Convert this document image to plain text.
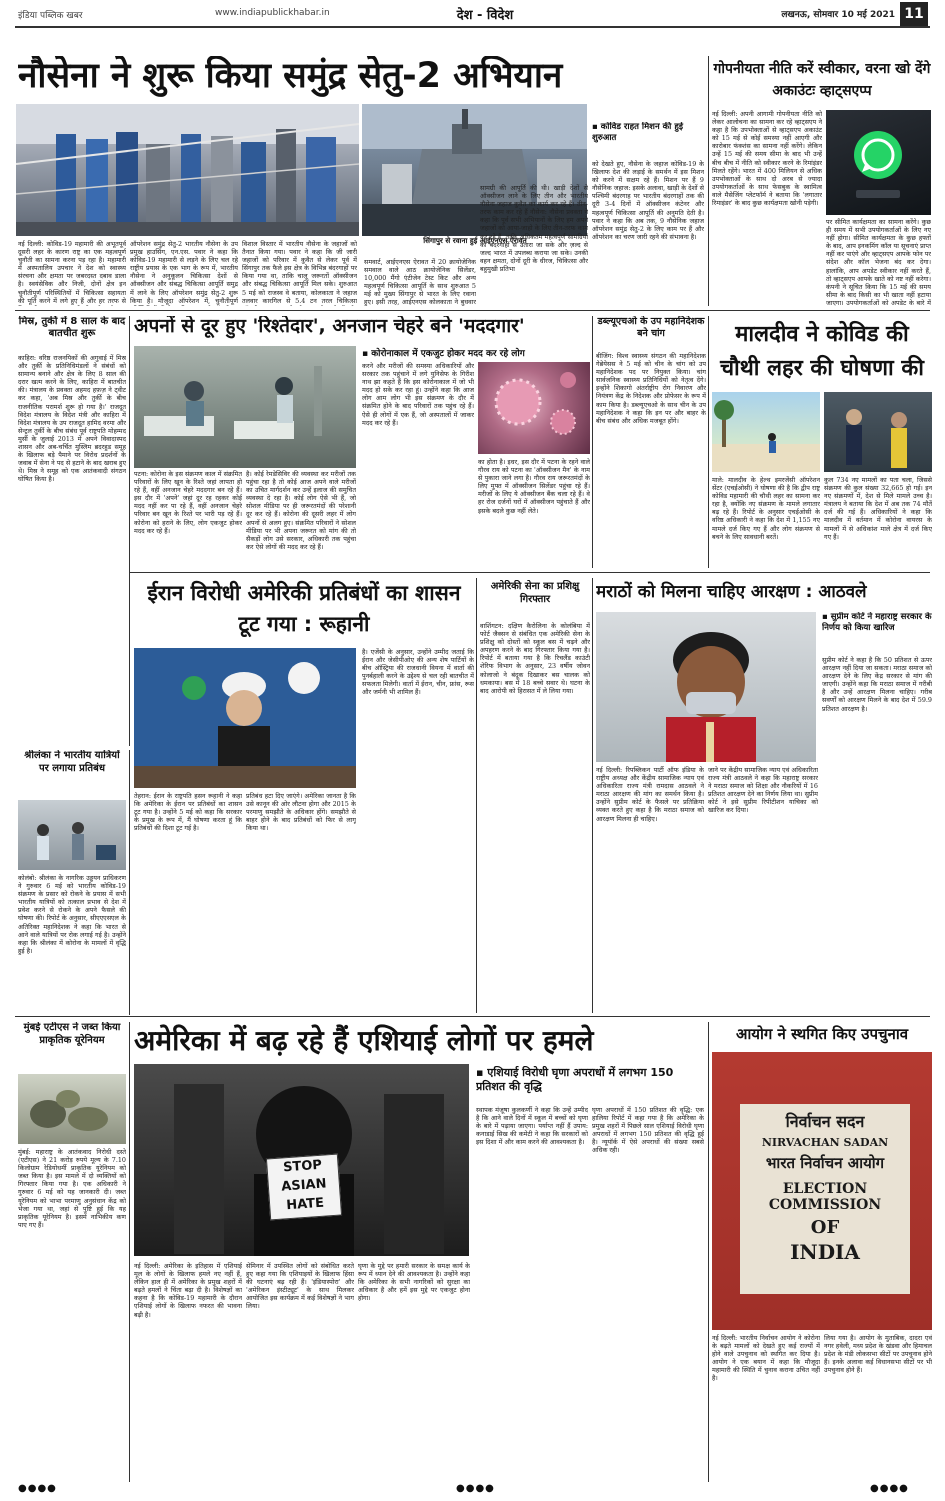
इंडिया पब्लिक खबर	www.indiapublickhabar.in	देश - विदेश	लखनऊ, सोमवार 10 मई 2021 11
नौसेना ने शुरू किया समुंद्र सेतु-2 अभियान
सिंगापुर से रवाना हुई आईएनएस ऐरावत
▪ कोविड राहत मिशन की हुई शुरुआत
नई दिल्ली: कोविड-19 महामारी की अभूतपूर्व दूसरी लहर के कारण राष्ट्र का एक महत्वपूर्ण चुनौती का सामना करना पड़ रहा है। महामारी में अस्पतालिय उपचार ने देश को स्वास्थ्य संरचना और क्षमता पर जबरदस्त दबाव डाला है। स्वयंसेविक और निजी, दोनों क्षेत्र इन चुनौतीपूर्ण परिस्थितियों में चिकित्सा सहायता की पूर्ति करने में लगे हुए हैं और हर तरफ से
ऑपरेशन समुंद्र सेतु-2 भारतीय नौसेना के उप प्रमुख हाउसिंग, एन.एस. पवार ने कहा कि कोविड-19 महामारी से लड़ने के लिए चल रहे राष्ट्रीय प्रयास के एक भाग के रूप में, भारतीय नौसेना ने अनुकूलन चिकित्सा देशों से ऑक्सीजन और संबद्ध चिकित्सा आपूर्ति समुद्र में लाने के लिए ऑपरेशन समुंद्र सेतु-2 शुरू किया है। मौजूदा ऑपरेशन में, चुनौतीपूर्ण
विशाल विस्तार में भारतीय नौसेना के जहाजों को तैनात किया गया। पवार ने कहा कि जी जारी जहाजों को परिवार में कुवैत से लेकर पूर्व में सिंगापुर तक फैले इस क्षेत्र के विभिन्न बंदरगाहों पर किया गया था, ताकि चालू जरूरतों ऑक्सीजन और संबद्ध चिकित्सा आपूर्ति मिल सके। शुरुआत 5 मई को राजस्व वे बताया, कोलकाता ने जहाज तलवार कारगिल से 5.4 टन तरल चिकित्सा
समवार्ट, आईएनएस ऐरावत में 20 क्रायोजेनिक समवाल वाले आठ क्रायोजेनिक सिलेंडर, 10,000 मैंगो एंटीजेन टेस्ट किट और अन्य महत्वपूर्ण चिकित्सा आपूर्ति के साथ शुरुआत 5 मई को मुख्य सिंगापुर से भारत के लिए रवाना हुए। इसी तरह, आईएनएस कोलकाता ने बुधवार
सामग्री की आपूर्ति की थी। खाड़ी देशों से ऑक्सीजन लाने के लिए तीन और भारतीय नौसेना जहाज कुवैत का कार्य कर रहे हैं। तीन-तरफ काम कर रहे हैं नौसेना: नौसेना प्रवक्ता ने कहा कि पूर्व सभी अभियानों के लिए हम अपने जहाजों को आया-जाहो के लिए तीन-तरफ काम कर रहे हैं, ताकि अधिकतम महत्वपूर्ण सामग्रियों को बंदरगाहों से उतारा जा सके और ज़ल्द से जल्द भारत में उपलब्ध कराया जा सके। उनकी वहन क्षमता, दोनों दूरी के धीरज, चिकित्सा और बहुमुखी प्रतिभा
को देखते हुए, नौसेना के जहाज कोविड-19 के खिलाफ देश की लड़ाई के समर्थन में इस मिशन को करने में सक्षम रहे हैं। मिशन पर हैं 9 नौसेनिक जहाज: इसके अलावा, खाड़ी के देशों से पश्चिमी बंदरगाह पर भारतीय बंदरगाहों तक की दूरी 3-4 दिनों में ऑक्सीजन कंटेनर और महत्वपूर्ण चिकित्सा आपूर्ति की अनुमति देती है। पवार ने कहा कि अब तक, 9 नौसेनिक जहाज ऑपरेशन समुंद्र सेतु-2 के लिए काम पर हैं और ऑपरेशन का चरण जारी रहने की संभावना है।
गोपनीयता नीति करें स्वीकार, वरना खो देंगे अकाउंटः व्हाट्सएप्प
नई दिल्ली: अपनी आगामी गोपनीयता नीति को लेकर आलोचना का सामना कर रहे व्हाट्सएप ने कहा है कि उपभोक्ताओं से व्हाट्सएप अकाउंट को 15 मई से कोई समस्या नहीं आएगी और कारोबार फंक्शंस का सामना नहीं करेंगे। लेकिन उन्हें 15 मई की समय सीमा के बाद भी उन्हें बीच बीच में नीति को स्वीकार करने के रिमांइंडर मिलते रहेंगे। भारत में 400 मिलियन से अधिक उपभोक्ताओं के साथ दो अरब से ज्यादा उपयोगकर्ताओं के साथ फेसबुक के स्वामित्व वाले मैसेजिंग प्लेटफॉर्म ने बताया कि 'लगातार रिमाइंडर' के बाद कुछ कार्यक्षमता खोनी पड़ेगी।
पर सीमित कार्यक्षमता का सामना करेंगे। कुछ ही समय में सभी उपयोगकर्ताओं के लिए नए नहीं होगा। सीमित कार्यक्षमता के कुछ हफ्तों के बाद, आप इनकमिंग कॉल या सूचनाएं प्राप्त नहीं कर पाएंगे और व्हाट्सएप आपके फोन पर संदेश और कॉल भेजना बंद कर देगा। हालांकि, आप अपडेट स्वीकार नहीं करते हैं, तो व्हाट्सएप आपके खाते को नष्ट नहीं करेगा। कंपनी ने सूचित किया कि 15 मई की समय सीमा के बाद किसी का भी खाता नहीं हटाया जाएगा। उपयोगकर्ताओं को अपडेट के बारे में
मिस्र, तुर्की में 8 साल के बाद बातचीत शुरू
काहिरा: वरिष्ठ राजनयिकों की अगुवाई में मिस्र और तुर्की के प्रतिनिधिमंडलों ने संबंधों को सामान्य बनाने और क्षेत्र के लिए 8 साल की दरार खत्म करने के लिए, काहिरा में बातचीत की। मंत्रालय के प्रवक्ता अहमद हफ़ज़ ने ट्वीट कर कहा, 'अब मिस्र और तुर्की के बीच राजनीतिक परामर्श शुरू हो गया है।' राजदूत विदेश मंत्रालय के विदेश मंत्री और काहिरा में विदेश मंत्रालय के उप राजदूत हामिद वरमा और सेन्ट्रल तुर्की के बीच संबंध पूर्व राष्ट्रपति मोहम्मद मुर्सी के जुलाई 2013 में अपने विवादास्पद शासन और अब-चर्चित मुस्लिम ब्रदरहुड समूह के खिलाफ बड़े पैमाने पर विरोध प्रदर्शनों के जवाब में सेना ने पद से हटाने के बाद खराब हुए थे। मिस्र ने समूह को एक आतंकवादी संगठन घोषित किया है।
अपनों से दूर हुए 'रिश्तेदार', अनजान चेहरे बने 'मददगार'
▪ कोरोनाकाल में एकजुट होकर मदद कर रहे लोग
पटना: कोरोना के इस संक्रमण काल में संक्रमित परिवारों के लिए खून के रिश्ते जहां लापता हो रहे हैं, वहीं अनजान चेहरे मददगार बन रहे हैं। इस दौर में 'अपने' जहां दूर रह रहकर कोई मदद नहीं कर पा रहे हैं, वहीं अनजान चेहरे परिवार बन खून के रिश्ते पर भारी पड़ रहे हैं। कोरोना को हराने के लिए, लोग एकजुट होकर मदद कर रहे हैं।
है। कोई रेमडेसिविर की व्यवस्था कर मरीजों तक पहुंचा रहा है तो कोई आज अपने वाले मरीजों का उचित मार्गदर्शन कर उन्हें इलाज की समुचित व्यवस्था दे रहा है। कोई लोग ऐसे भी हैं, जो सोशल मीडिया पर ही जरूरतमंदों की परेशानी दूर कर रहे हैं। कोरोना की दूसरी लहर में लोग अपनों से अलग हुए। संक्रमित परिवारों ने सोशल मीडिया पर भी अपना जरूरत को मांग की तो सैकड़ों लोग उसे सरकार, अधिकारी तक पहुंचा कर ऐसे लोगों की मदद कर रहे हैं।
करने और मरीजों की समस्या अधिकारियों और सरकार तक पहुंचाने में लगे युनिसेफ के गिरीश नाथ झा कहते हैं कि इस कोरोनाकाल में जो भी मदद हो सके कर रहा हूं। उन्होंने कहा कि आज लोग आम लोग भी इस संक्रमण के दौर में संक्रमित होने के बाद परिवारों तक पहुंच रहे हैं। ऐसे ही लोगों में एक हैं, जो अस्पतालों में जाकर मदद कर रहे हैं।
का होता है। इधर, इस दौर में पटना के रहने वाले गौरव राय को पटना का 'ऑक्सीजन मैन' के नाम से पुकारा जाने लगा है। गौरव राय जरूरतमंदों के लिए मुफ्त में ऑक्सीजन सिलेंडर पहुंचा रहे हैं। मरीजों के लिए ये ऑक्सीजन बैंक चला रहे हैं। वे हर रोज दर्जनों घरों में ऑक्सीजन पहुंचाते हैं और इसके बदले कुछ नहीं लेते।
डब्ल्यूएचओ के उप महानिदेशक बने चांग
बीजिंग: विश्व स्वास्थ्य संगठन की महानिदेशक गेब्रेयेसस ने 5 मई को चीन के चांग को उप महानिदेशक पद पर नियुक्त किया। चांग सार्वजनिक स्वास्थ्य प्रतिनिधियों को नेतृत्व देंगे। इन्होंने शिकागो अंतर्राष्ट्रीय रोग निवारण और नियंत्रण केंद्र के निदेशक और प्रोफेसर के रूप में काम किया है। डब्ल्यूएचओ के साथ चीन के उप महानिदेशक ने कहा कि इन पर और बाहर के बीच संबंध और अधिक मजबूत होंगे।
मालदीव ने कोविड की चौथी लहर की घोषणा की
माले: मालदीव के हेल्थ इमरजेंसी ऑपरेशन सेंटर (एचईओसी) ने घोषणा की है कि द्वीप राष्ट्र कोविड महामारी की चौथी लहर का सामना कर रहा है, क्योंकि नए संक्रमण के मामले लगातार बढ़ रहे हैं। रिपोर्ट के अनुसार एचईओसी के वरिष्ठ अधिकारी ने कहा कि देश में 1,155 नए मामले दर्ज किए गए हैं और लोग संक्रमण से बचने के लिए सावधानी बरतें।
कुल 734 नए मामलों का पता चला, जिससे संक्रमण की कुल संख्या 32,665 हो गई। इन नए संक्रमणों में, देश से मिले मामले उच्च है। मंत्रालय ने बताया कि देश में अब तक 74 मौतें दर्ज की गई हैं। अधिकारियों ने कहा कि मालदीव में वर्तमान में कोरोना वायरस के मामलों में से अधिकांश माले क्षेत्र में दर्ज किए गए हैं।
श्रीलंका ने भारतीय यात्रियों पर लगाया प्रतिबंध
कोलंबो: श्रीलंका के नागरिक उड्डयन प्राधिकरण ने गुरुवार 6 मई को भारतीय कोविड-19 संक्रमण के प्रसार को रोकने के प्रयास में सभी भारतीय यात्रियों को तत्काल प्रभाव से देश में प्रवेश करने से रोकने के अपने फैसले की घोषणा की। रिपोर्ट के अनुसार, सीएएएसएल के अतिरिक्त महानिदेशक ने कहा कि भारत से आने वाले यात्रियों पर रोक लगाई गई है। उन्होंने कहा कि श्रीलंका में कोरोना के मामलों में वृद्धि हुई है।
ईरान विरोधी अमेरिकी प्रतिबंधों का शासन टूट गया : रूहानी
तेहरान: ईरान के राष्ट्रपति हसन रूहानी ने कहा कि अमेरिका के ईरान पर प्रतिबंधों का शासन टूट गया है। उन्होंने 5 मई को कहा कि सरकार के प्रमुख के रूप में, मैं घोषणा करता हूं कि प्रतिबंधों की दिशा टूट गई है।
प्रतिबंध हटा दिए जाएंगे। अमेरिका जानता है कि उसे कानून की ओर लौटना होगा और 2015 के परमाणु समझौते के अधिकार होंगे। समझौते से बाहर होने के बाद प्रतिबंधों को फिर से लागू किया था।
है। एजेंसी के अनुसार, उन्होंने उम्मीद जताई कि ईरान और जेसीपीओए की अन्य शेष पार्टियों के बीच ऑस्ट्रिया की राजधानी वियना में वार्ता की पुनर्बहाली करने के उद्देश्य से चल रही बातचीत में सफलता मिलेगी। वार्ता में ईरान, चीन, फ्रांस, रूस और जर्मनी भी शामिल हैं।
अमेरिकी सेना का प्रशिक्षु गिरफ्तार
वाशिंगटन: दक्षिण कैरोलिना के कोलंबिया में फोर्ट जैक्सन से संबंधित एक अमेरिकी सेना के प्रशिक्षु को दोस्तों को स्कूल बस में चढ़ने और अपहरण करने के बाद गिरफ्तार किया गया है। रिपोर्ट में बताया गया है कि रिचलैंड काउंटी शेरिफ विभाग के अनुसार, 23 वर्षीय जोवन कोलाजो ने बंदूक दिखाकर बस चालक को धमकाया। बस में 18 बच्चे सवार थे। घटना के बाद आरोपी को हिरासत में ले लिया गया।
मराठों को मिलना चाहिए आरक्षण : आठवले
▪ सुप्रीम कोर्ट ने महाराष्ट्र सरकार के निर्णय को किया खारिज
नई दिल्ली: रिपब्लिकन पार्टी ऑफ इंडिया के राष्ट्रीय अध्यक्ष और केंद्रीय सामाजिक न्याय एवं अधिकारिता राज्य मंत्री रामदास आठवले ने मराठा आरक्षण की मांग का समर्थन किया है। उन्होंने सुप्रीम कोर्ट के फैसले पर प्रतिक्रिया व्यक्त करते हुए कहा है कि मराठा समाज को आरक्षण मिलना ही चाहिए।
जाने पर केंद्रीय सामाजिक न्याय एवं अधिकारिता राज्य मंत्री आठवले ने कहा कि महाराष्ट्र सरकार ने मराठा समाज को शिक्षा और नौकरियों में 16 प्रतिशत आरक्षण देने का निर्णय लिया था। सुप्रीम कोर्ट ने इसे सुप्रीम रिपीटीशन याचिका को खारिज कर दिया।
सुप्रीम कोर्ट ने कहा है कि 50 प्रतिशत से ऊपर आरक्षण नहीं दिया जा सकता। मराठा समाज को आरक्षण देने के लिए केंद्र सरकार से मांग की जाएगी। उन्होंने कहा कि मराठा समाज में गरीबी है और उन्हें आरक्षण मिलना चाहिए। गरीब सवर्णों को आरक्षण मिलने के बाद देश में 59.9 प्रतिशत आरक्षण है।
मुंबई एटीएस ने जब्त किया प्राकृतिक यूरेनियम
मुंबई: महाराष्ट्र के आतंकवाद निरोधी दस्ते (एटीएस) ने 21 करोड़ रुपये मूल्य के 7.10 किलोग्राम रेडियोधर्मी प्राकृतिक यूरेनियम को जब्त किया है। इस मामले में दो व्यक्तियों को गिरफ्तार किया गया है। एक अधिकारी ने गुरुवार 6 मई को यह जानकारी दी। जब्त यूरेनियम को भाभा परमाणु अनुसंधान केंद्र को भेजा गया था, जहां से पुष्टि हुई कि यह प्राकृतिक यूरेनियम है। इसमें नाभिकीय कण पाए गए हैं।
अमेरिका में बढ़ रहे हैं एशियाई लोगों पर हमले
STOP
ASIAN
HATE
▪ एशियाई विरोधी घृणा अपराधों में लगभग 150 प्रतिशत की वृद्धि
नई दिल्ली: अमेरिका के इतिहास में एशियाई मूल के लोगों के खिलाफ हमले नए नहीं हैं, लेकिन हाल ही में अमेरिका के प्रमुख शहरों में बढ़ते हमलों ने चिंता बढ़ा दी है। विशेषज्ञों का कहना है कि कोविड-19 महामारी के दौरान एशियाई लोगों के खिलाफ नफरत की भावना बढ़ी है।
सेमिनार में उपस्थित लोगों को संबोधित करते हुए कहा गया कि एशियाइयों के खिलाफ हिंसा की घटनाएं बढ़ रही हैं। 'इंडियास्पोरा' और 'अमेरिकन इंस्टीट्यूट' के साथ मिलकर आयोजित इस कार्यक्रम में कई विशेषज्ञों ने भाग लिया।
घृणा के मुद्दे पर हमारी सरकार के समक्ष कार्य के रूप में ध्यान देने की आवश्यकता है। उन्होंने कहा कि अमेरिका के सभी नागरिकों को सुरक्षा का अधिकार है और हमें इस मुद्दे पर एकजुट होना होगा।
स्थापक मंजूषा कुलकर्णी ने कहा कि उन्हें उम्मीद है कि आने वाले दिनों में स्कूल में बच्चों को घृणा के बारे में पढ़ाया जाएगा। पर्याप्त नहीं हैं उपाय: कनाडाई सिख की कमेटी ने कहा कि सरकारों को इस दिशा में और काम करने की आवश्यकता है।
घृणा अपराधों में 150 प्रतिशत की वृद्धि: एक हालिया रिपोर्ट में कहा गया है कि अमेरिका के प्रमुख शहरों में पिछले साल एशियाई विरोधी घृणा अपराधों में लगभग 150 प्रतिशत की वृद्धि हुई है। न्यूयॉर्क में ऐसे अपराधों की संख्या सबसे अधिक रही।
आयोग ने स्थगित किए उपचुनाव
निर्वाचन सदन
NIRVACHAN SADAN
भारत निर्वाचन आयोग
ELECTION COMMISSION
OF
INDIA
नई दिल्ली: भारतीय निर्वाचन आयोग ने कोरोना के बढ़ते मामलों को देखते हुए कई राज्यों में होने वाले उपचुनाव को स्थगित कर दिया है। आयोग ने एक बयान में कहा कि मौजूदा महामारी की स्थिति में चुनाव कराना उचित नहीं है।
लिया गया है। आयोग के मुताबिक, दादरा एवं नगर हवेली, मध्य प्रदेश के खंडवा और हिमाचल प्रदेश के मंडी लोकसभा सीटों पर उपचुनाव होने हैं। इनके अलावा कई विधानसभा सीटों पर भी उपचुनाव होने हैं।
●●●●	●●●●	●●●●
